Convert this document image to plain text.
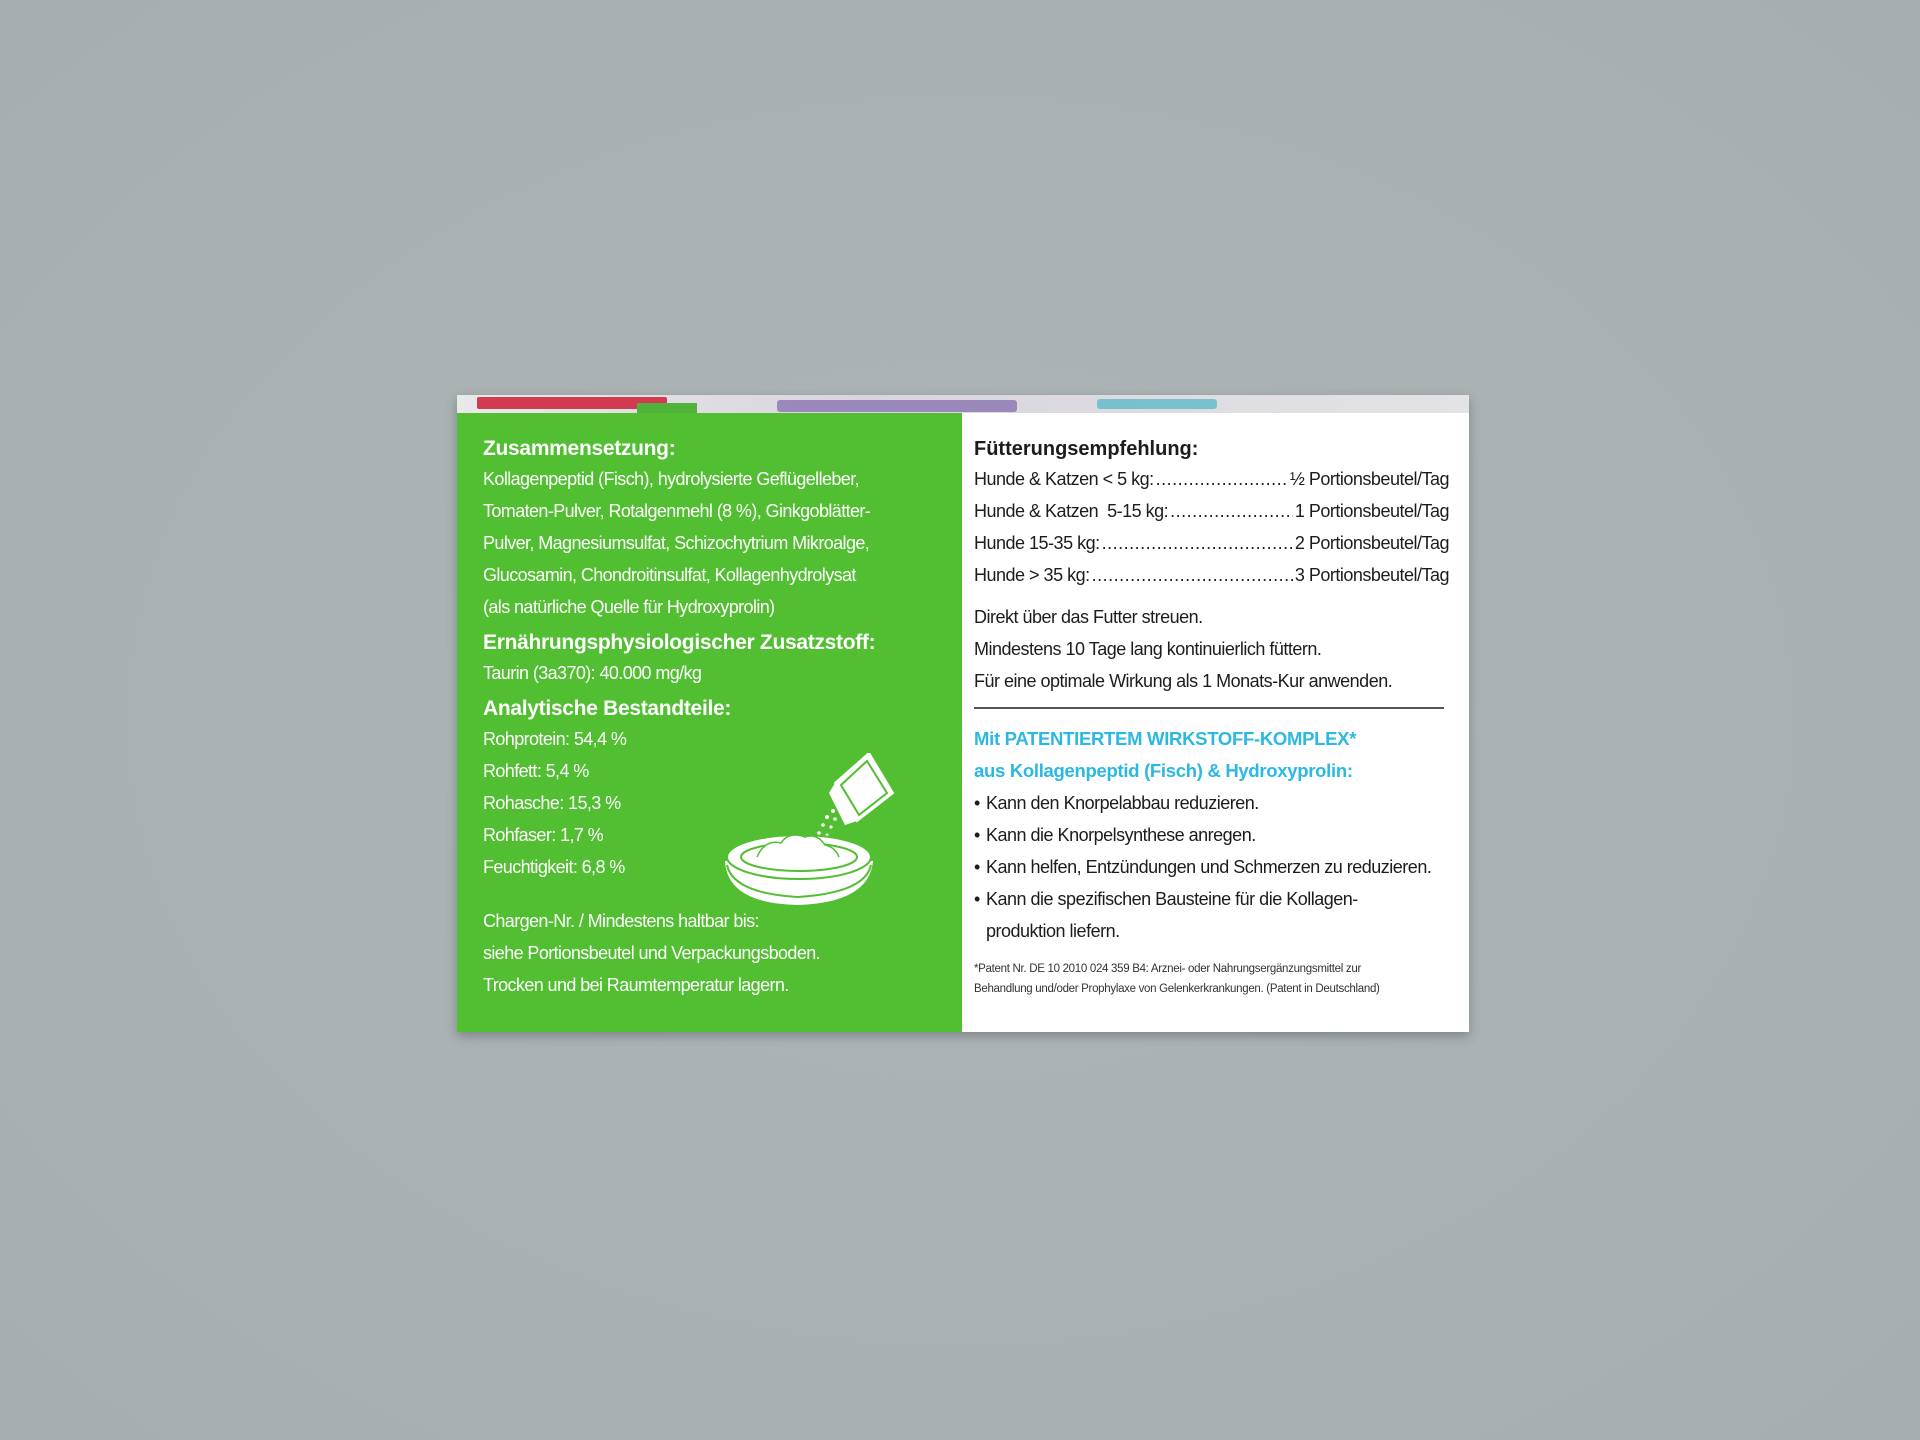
Zusammensetzung:
Kollagenpeptid (Fisch), hydrolysierte Geflügelleber,
Tomaten-Pulver, Rotalgenmehl (8 %), Ginkgoblätter-
Pulver, Magnesiumsulfat, Schizochytrium Mikroalge,
Glucosamin, Chondroitinsulfat, Kollagenhydrolysat
(als natürliche Quelle für Hydroxyprolin)
Ernährungsphysiologischer Zusatzstoff:
Taurin (3a370): 40.000 mg/kg
Analytische Bestandteile:
Rohprotein: 54,4 %
Rohfett: 5,4 %
Rohasche: 15,3 %
Rohfaser: 1,7 %
Feuchtigkeit: 6,8 %
Chargen-Nr. / Mindestens haltbar bis:
siehe Portionsbeutel und Verpackungsboden.
Trocken und bei Raumtemperatur lagern.
Fütterungsempfehlung:
Hunde & Katzen < 5 kg: .....	½ Portionsbeutel/Tag
Hunde & Katzen  5-15 kg: .....	1 Portionsbeutel/Tag
Hunde 15-35 kg: .....	2 Portionsbeutel/Tag
Hunde > 35 kg: .....	3 Portionsbeutel/Tag
Direkt über das Futter streuen.
Mindestens 10 Tage lang kontinuierlich füttern.
Für eine optimale Wirkung als 1 Monats-Kur anwenden.
Mit PATENTIERTEM WIRKSTOFF-KOMPLEX*
aus Kollagenpeptid (Fisch) & Hydroxyprolin:
• Kann den Knorpelabbau reduzieren.
• Kann die Knorpelsynthese anregen.
• Kann helfen, Entzündungen und Schmerzen zu reduzieren.
• Kann die spezifischen Bausteine für die Kollagen-
produktion liefern.
*Patent Nr. DE 10 2010 024 359 B4: Arznei- oder Nahrungsergänzungsmittel zur
Behandlung und/oder Prophylaxe von Gelenkerkrankungen. (Patent in Deutschland)
